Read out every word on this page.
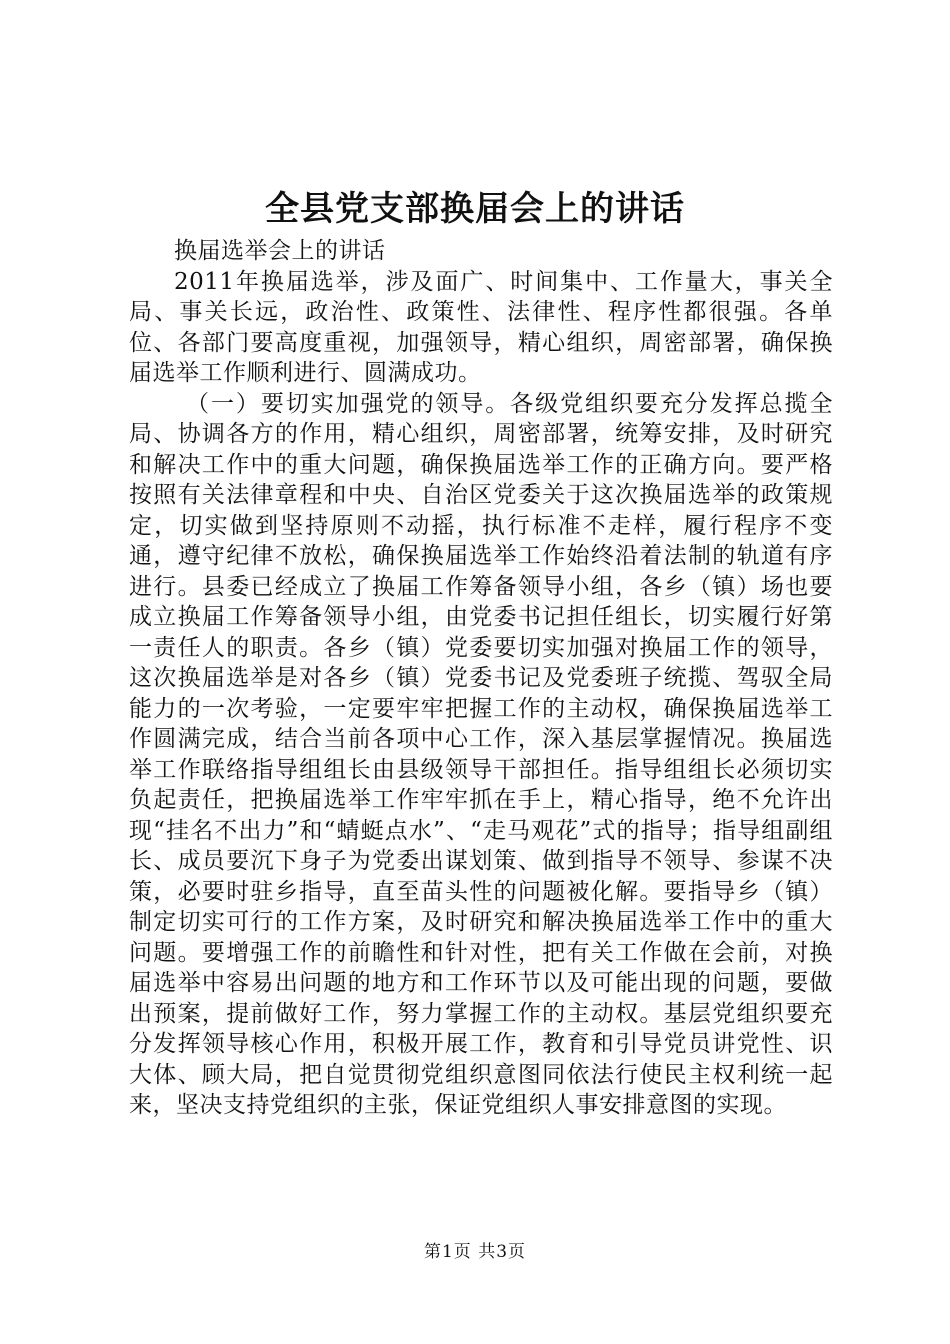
全县党支部换届会上的讲话

换届选举会上的讲话

2011年换届选举，涉及面广、时间集中、工作量大，事关全局、事关长远，政治性、政策性、法律性、程序性都很强。各单位、各部门要高度重视，加强领导，精心组织，周密部署，确保换届选举工作顺利进行、圆满成功。

（一）要切实加强党的领导。各级党组织要充分发挥总揽全局、协调各方的作用，精心组织，周密部署，统筹安排，及时研究和解决工作中的重大问题，确保换届选举工作的正确方向。要严格按照有关法律章程和中央、自治区党委关于这次换届选举的政策规定，切实做到坚持原则不动摇，执行标准不走样，履行程序不变通，遵守纪律不放松，确保换届选举工作始终沿着法制的轨道有序进行。县委已经成立了换届工作筹备领导小组，各乡（镇）场也要成立换届工作筹备领导小组，由党委书记担任组长，切实履行好第一责任人的职责。各乡（镇）党委要切实加强对换届工作的领导，这次换届选举是对各乡（镇）党委书记及党委班子统揽、驾驭全局能力的一次考验，一定要牢牢把握工作的主动权，确保换届选举工作圆满完成，结合当前各项中心工作，深入基层掌握情况。换届选举工作联络指导组组长由县级领导干部担任。指导组组长必须切实负起责任，把换届选举工作牢牢抓在手上，精心指导，绝不允许出现“挂名不出力”和“蜻蜓点水”、“走马观花”式的指导；指导组副组长、成员要沉下身子为党委出谋划策、做到指导不领导、参谋不决策，必要时驻乡指导，直至苗头性的问题被化解。要指导乡（镇）制定切实可行的工作方案，及时研究和解决换届选举工作中的重大问题。要增强工作的前瞻性和针对性，把有关工作做在会前，对换届选举中容易出问题的地方和工作环节以及可能出现的问题，要做出预案，提前做好工作，努力掌握工作的主动权。基层党组织要充分发挥领导核心作用，积极开展工作，教育和引导党员讲党性、识大体、顾大局，把自觉贯彻党组织意图同依法行使民主权利统一起来，坚决支持党组织的主张，保证党组织人事安排意图的实现。

第1页 共3页
